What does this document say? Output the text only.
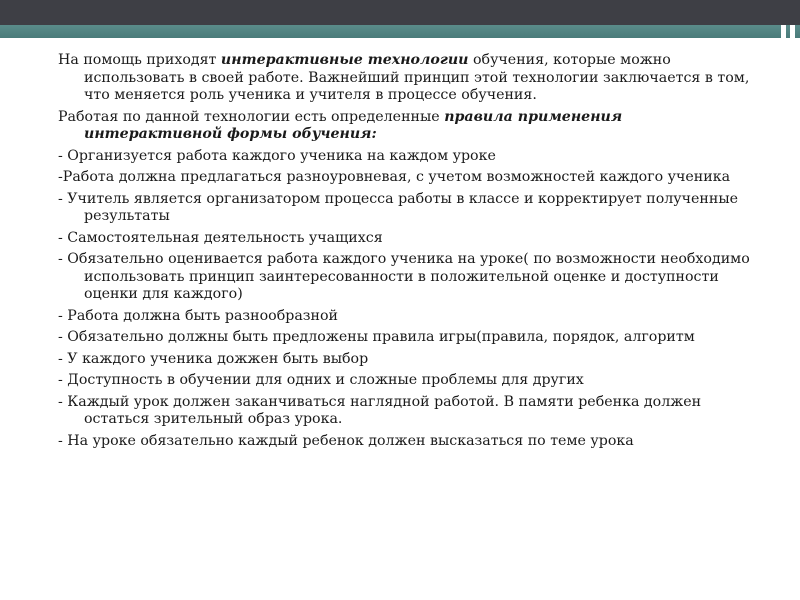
На помощь приходят интерактивные технологии обучения, которые можно использовать в своей работе. Важнейший принцип этой технологии заключается в том, что меняется роль ученика и учителя в процессе обучения.

Работая по данной технологии есть определенные правила применения интерактивной формы обучения:

- Организуется работа каждого ученика на каждом уроке

-Работа должна предлагаться разноуровневая, с учетом возможностей каждого ученика

- Учитель является организатором процесса работы в классе и корректирует полученные результаты

- Самостоятельная деятельность учащихся

- Обязательно оценивается работа каждого ученика на уроке( по возможности необходимо использовать принцип заинтересованности в положительной оценке и доступности оценки для каждого)

- Работа должна быть разнообразной

- Обязательно должны быть предложены правила игры(правила, порядок, алгоритм

- У каждого ученика дожжен быть выбор

- Доступность в обучении для одних и сложные проблемы для других

- Каждый урок должен заканчиваться наглядной работой. В памяти ребенка должен остаться зрительный образ урока.

- На уроке обязательно каждый ребенок должен высказаться по теме урока
